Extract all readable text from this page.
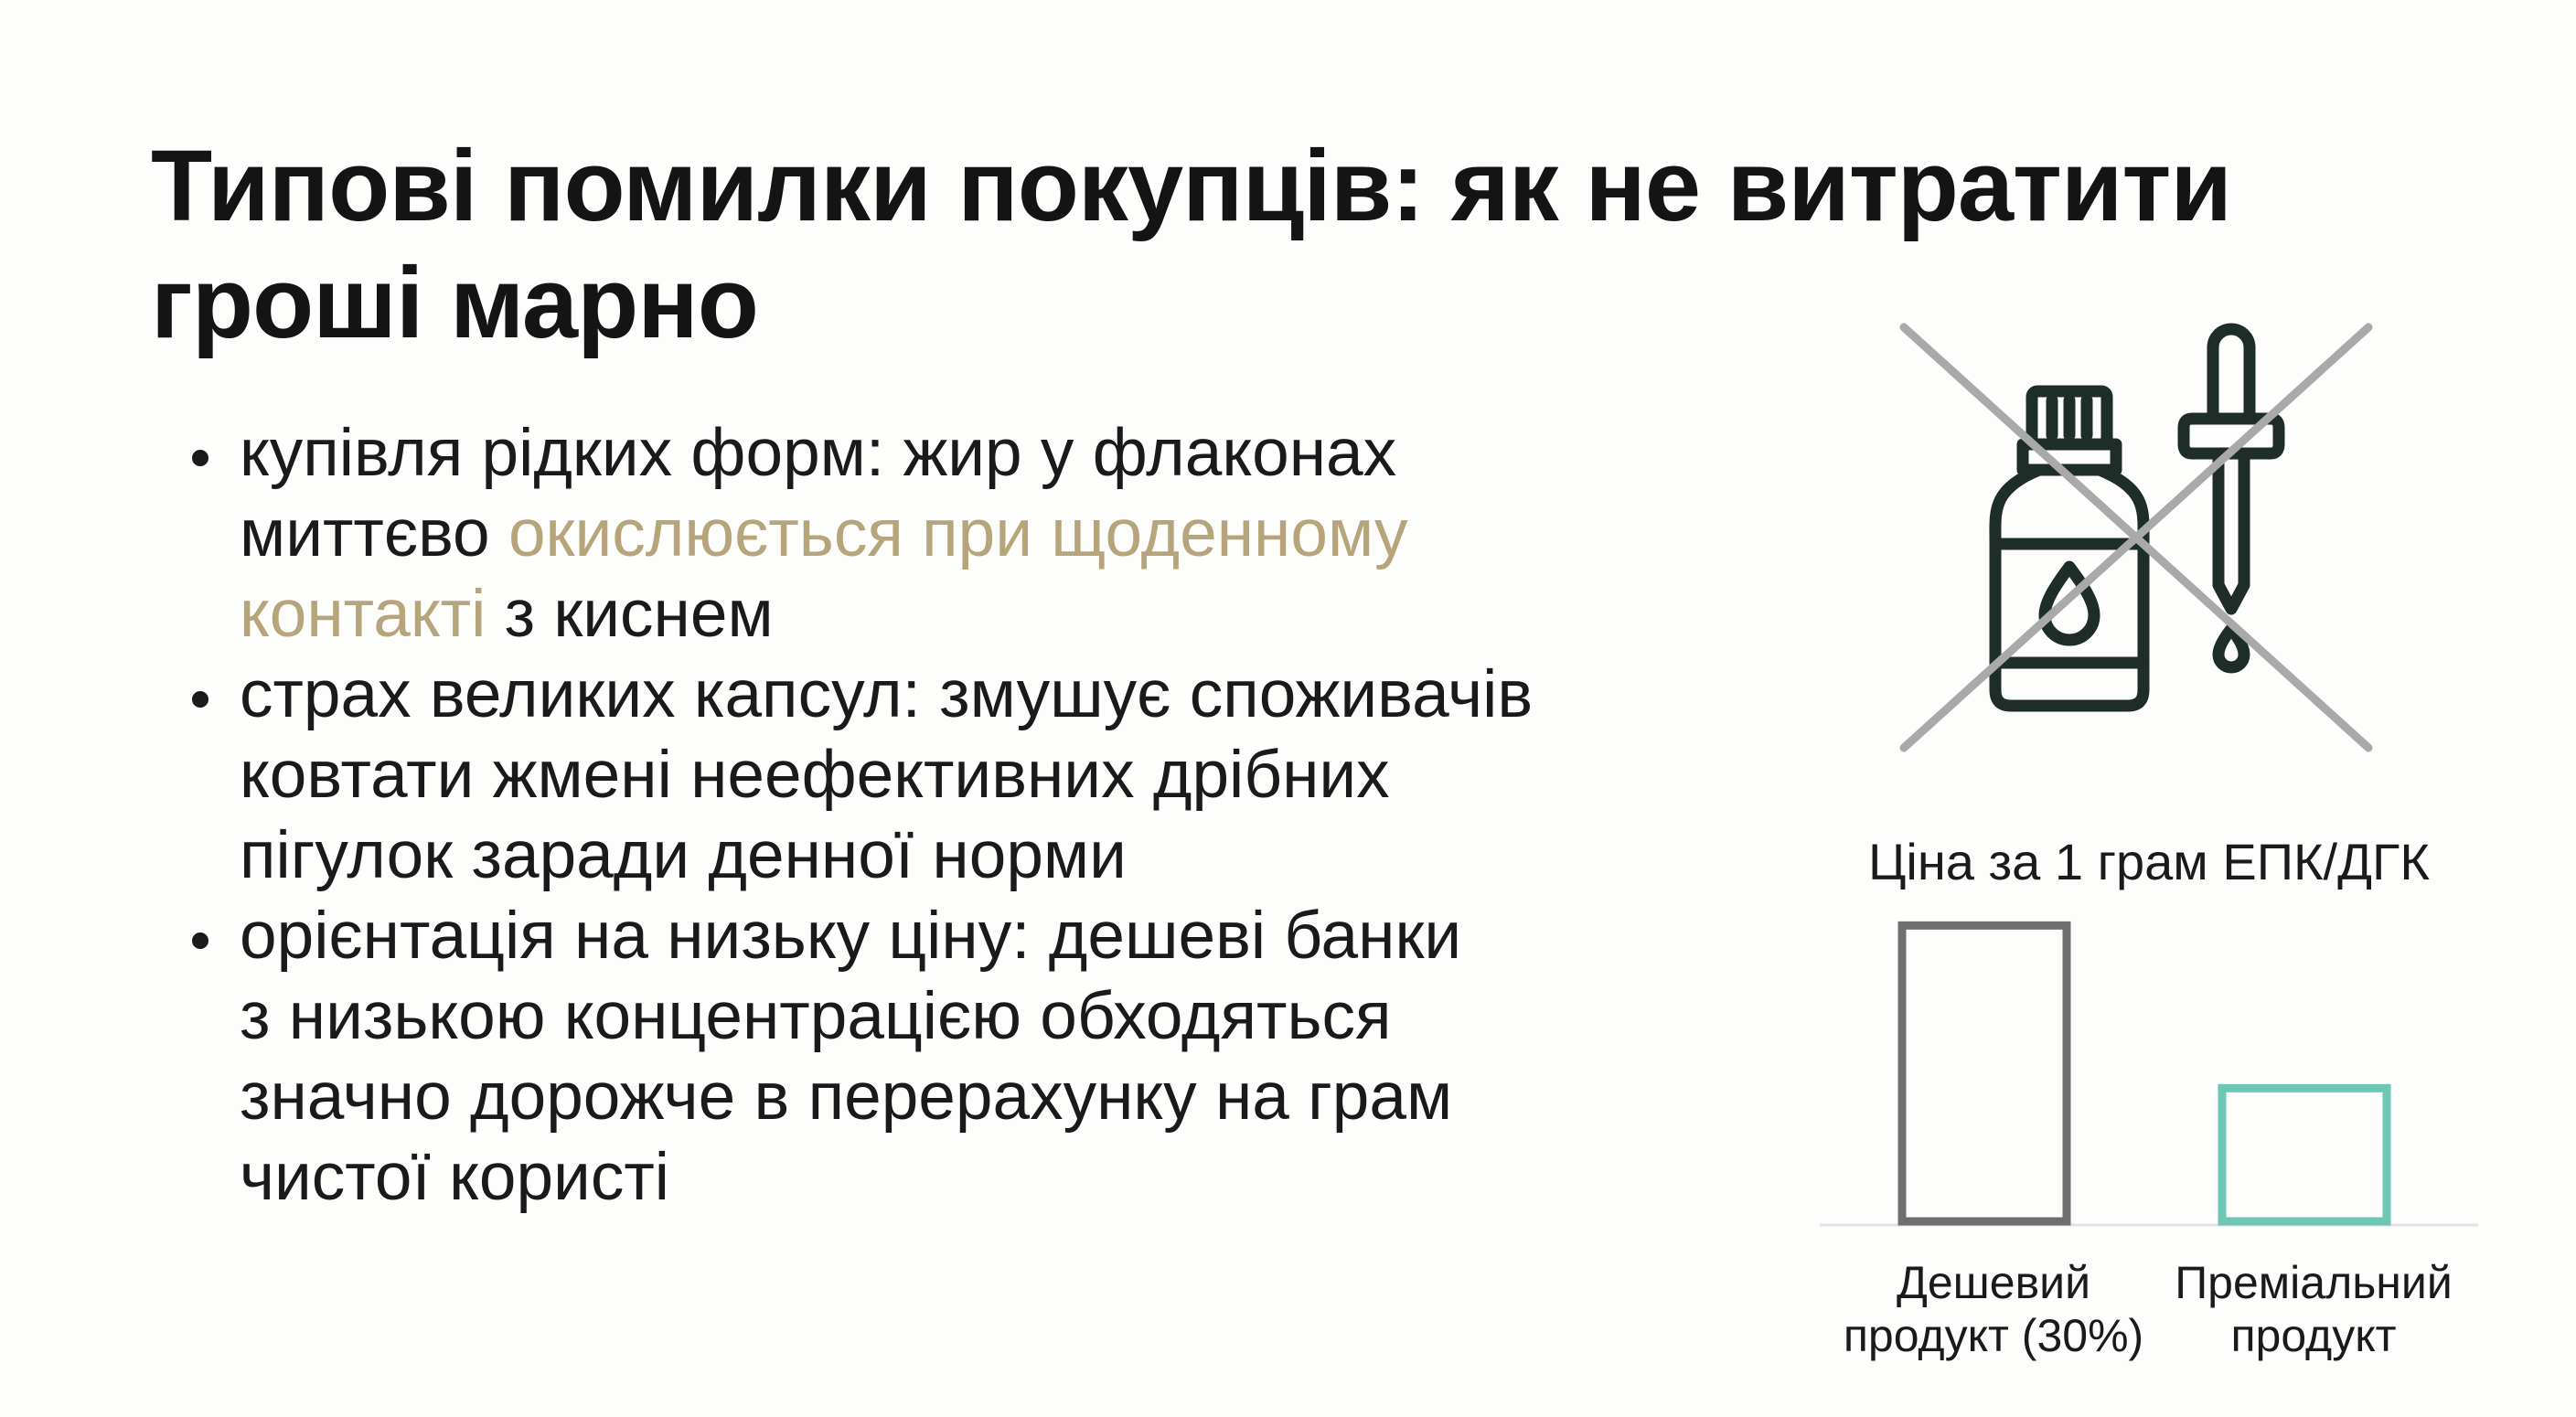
Типові помилки покупців: як не витратити
гроші марно
купівля рідких форм: жир у флаконах
миттєво окислюється при щоденному
контакті з киснем
страх великих капсул: змушує споживачів
ковтати жмені неефективних дрібних
пігулок заради денної норми
орієнтація на низьку ціну: дешеві банки
з низькою концентрацією обходяться
значно дорожче в перерахунку на грам
чистої користі
Ціна за 1 грам ЕПК/ДГК
Дешевий
продукт (30%)
Преміальний
продукт
